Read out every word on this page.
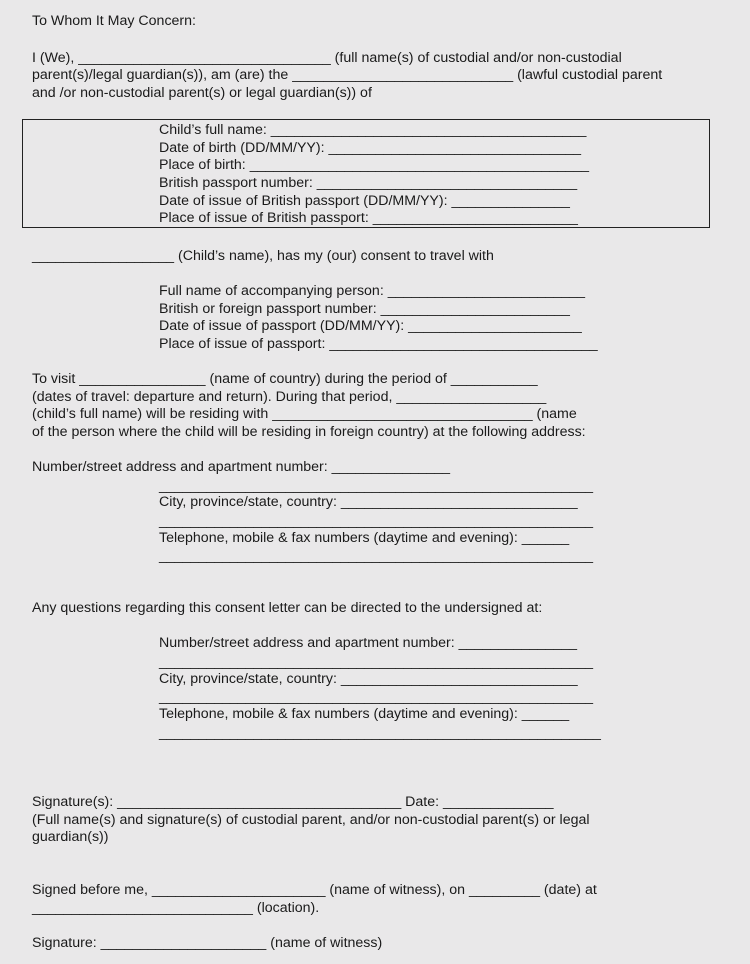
To Whom It May Concern:
I (We), ________________________________ (full name(s) of custodial and/or non-custodial
parent(s)/legal guardian(s)), am (are) the ____________________________ (lawful custodial parent
and /or non-custodial parent(s) or legal guardian(s)) of
Child’s full name: ________________________________________
Date of birth (DD/MM/YY): ________________________________
Place of birth: ___________________________________________
British passport number: _________________________________
Date of issue of British passport (DD/MM/YY): _______________
Place of issue of British passport: __________________________
__________________ (Child’s name), has my (our) consent to travel with
Full name of accompanying person: _________________________
British or foreign passport number: ________________________
Date of issue of passport (DD/MM/YY): ______________________
Place of issue of passport: __________________________________
To visit ________________ (name of country) during the period of ___________
(dates of travel: departure and return). During that period, ___________________
(child’s full name) will be residing with _________________________________ (name
of the person where the child will be residing in foreign country) at the following address:
Number/street address and apartment number: _______________
_______________________________________________________
City, province/state, country: ______________________________
_______________________________________________________
Telephone, mobile & fax numbers (daytime and evening): ______
_______________________________________________________
Any questions regarding this consent letter can be directed to the undersigned at:
Number/street address and apartment number: _______________
_______________________________________________________
City, province/state, country: ______________________________
_______________________________________________________
Telephone, mobile & fax numbers (daytime and evening): ______
________________________________________________________
Signature(s): ____________________________________ Date: ______________
(Full name(s) and signature(s) of custodial parent, and/or non-custodial parent(s) or legal
guardian(s))
Signed before me, ______________________ (name of witness), on _________ (date) at
____________________________ (location).
Signature: _____________________ (name of witness)
